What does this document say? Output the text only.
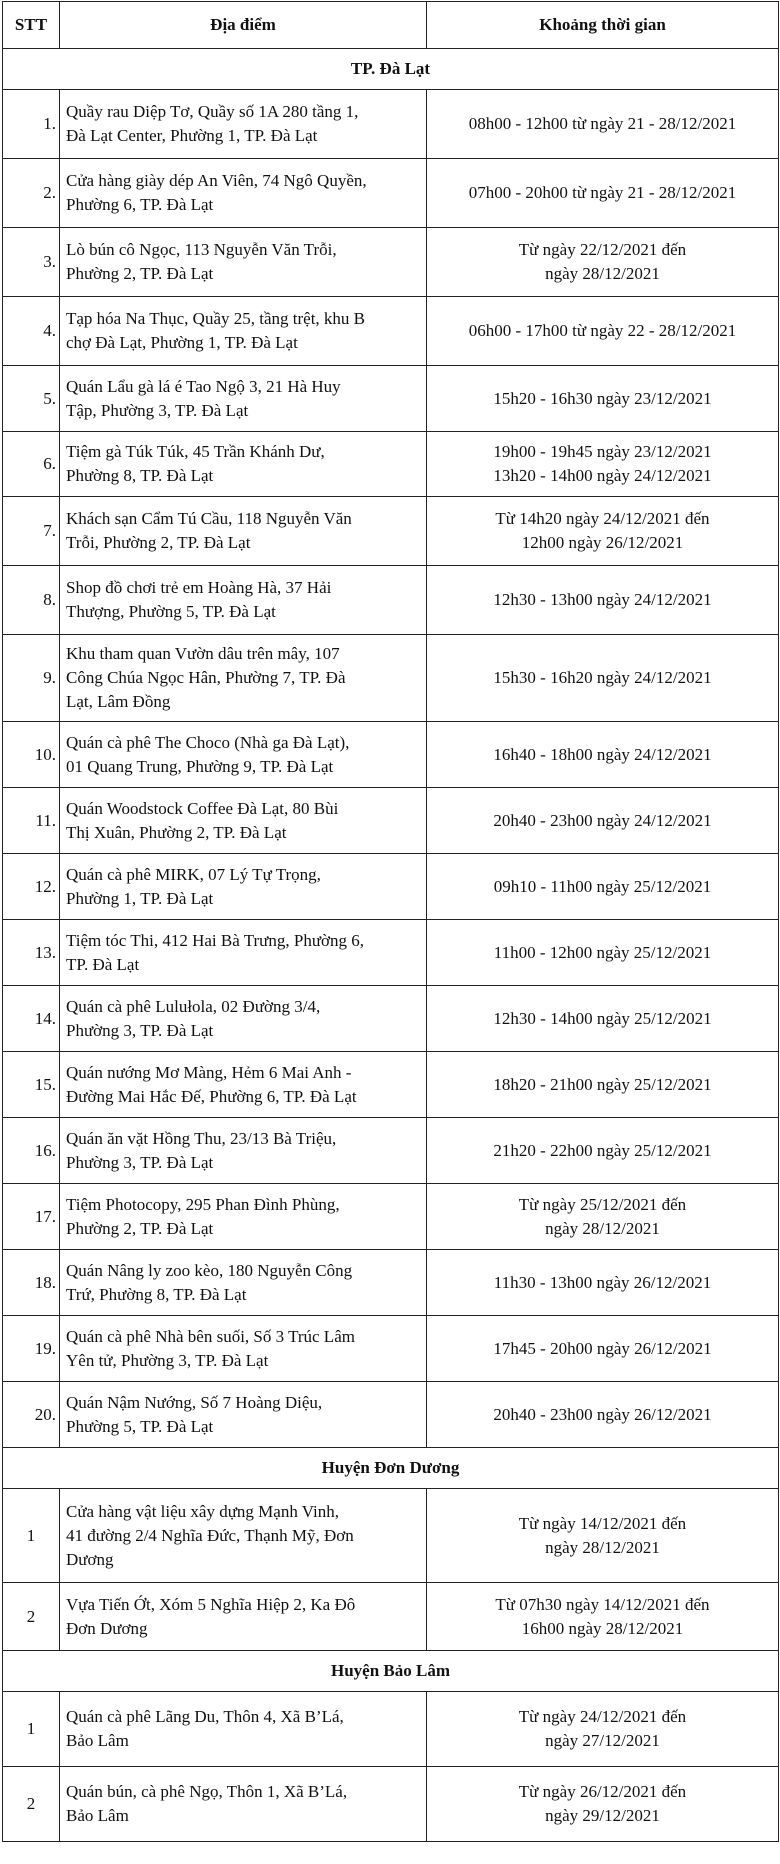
STT	Địa điểm	Khoảng thời gian
TP. Đà Lạt		
1.	Quầy rau Diệp Tơ, Quầy số 1A 280 tầng 1,
Đà Lạt Center, Phường 1, TP. Đà Lạt	08h00 - 12h00 từ ngày 21 - 28/12/2021

2.	Cửa hàng giày dép An Viên, 74 Ngô Quyền,
Phường 6, TP. Đà Lạt	07h00 - 20h00 từ ngày 21 - 28/12/2021

3.	Lò bún cô Ngọc, 113 Nguyễn Văn Trỗi,
Phường 2, TP. Đà Lạt	Từ ngày 22/12/2021 đến
ngày 28/12/2021

4.	Tạp hóa Na Thục, Quầy 25, tầng trệt, khu B
chợ Đà Lạt, Phường 1, TP. Đà Lạt	06h00 - 17h00 từ ngày 22 - 28/12/2021

5.	Quán Lẩu gà lá é Tao Ngộ 3, 21 Hà Huy
Tập, Phường 3, TP. Đà Lạt	15h20 - 16h30 ngày 23/12/2021

6.	Tiệm gà Túk Túk, 45 Trần Khánh Dư,
Phường 8, TP. Đà Lạt	19h00 - 19h45 ngày 23/12/2021
13h20 - 14h00 ngày 24/12/2021

7.	Khách sạn Cẩm Tú Cầu, 118 Nguyễn Văn
Trỗi, Phường 2, TP. Đà Lạt	Từ 14h20 ngày 24/12/2021 đến
12h00 ngày 26/12/2021

8.	Shop đồ chơi trẻ em Hoàng Hà, 37 Hải
Thượng, Phường 5, TP. Đà Lạt	12h30 - 13h00 ngày 24/12/2021

9.	Khu tham quan Vườn dâu trên mây, 107
Công Chúa Ngọc Hân, Phường 7, TP. Đà
Lạt, Lâm Đồng	15h30 - 16h20 ngày 24/12/2021

10.	Quán cà phê The Choco (Nhà ga Đà Lạt),
01 Quang Trung, Phường 9, TP. Đà Lạt	16h40 - 18h00 ngày 24/12/2021

11.	Quán Woodstock Coffee Đà Lạt, 80 Bùi
Thị Xuân, Phường 2, TP. Đà Lạt	20h40 - 23h00 ngày 24/12/2021

12.	Quán cà phê MIRK, 07 Lý Tự Trọng,
Phường 1, TP. Đà Lạt	09h10 - 11h00 ngày 25/12/2021

13.	Tiệm tóc Thi, 412 Hai Bà Trưng, Phường 6,
TP. Đà Lạt	11h00 - 12h00 ngày 25/12/2021

14.	Quán cà phê Lulułola, 02 Đường 3/4,
Phường 3, TP. Đà Lạt	12h30 - 14h00 ngày 25/12/2021

15.	Quán nướng Mơ Màng, Hẻm 6 Mai Anh -
Đường Mai Hắc Đế, Phường 6, TP. Đà Lạt	18h20 - 21h00 ngày 25/12/2021

16.	Quán ăn vặt Hồng Thu, 23/13 Bà Triệu,
Phường 3, TP. Đà Lạt	21h20 - 22h00 ngày 25/12/2021

17.	Tiệm Photocopy, 295 Phan Đình Phùng,
Phường 2, TP. Đà Lạt	Từ ngày 25/12/2021 đến
ngày 28/12/2021

18.	Quán Nâng ly zoo kèo, 180 Nguyễn Công
Trứ, Phường 8, TP. Đà Lạt	11h30 - 13h00 ngày 26/12/2021

19.	Quán cà phê Nhà bên suối, Số 3 Trúc Lâm
Yên tử, Phường 3, TP. Đà Lạt	17h45 - 20h00 ngày 26/12/2021

20.	Quán Nậm Nướng, Số 7 Hoàng Diệu,
Phường 5, TP. Đà Lạt	20h40 - 23h00 ngày 26/12/2021

Huyện Đơn Dương		
1	Cửa hàng vật liệu xây dựng Mạnh Vinh,
41 đường 2/4 Nghĩa Đức, Thạnh Mỹ, Đơn
Dương	Từ ngày 14/12/2021 đến
ngày 28/12/2021

2	Vựa Tiến Ớt, Xóm 5 Nghĩa Hiệp 2, Ka Đô
Đơn Dương	Từ 07h30 ngày 14/12/2021 đến
16h00 ngày 28/12/2021

Huyện Bảo Lâm		
1	Quán cà phê Lãng Du, Thôn 4, Xã B’Lá,
Bảo Lâm	Từ ngày 24/12/2021 đến
ngày 27/12/2021

2	Quán bún, cà phê Ngọ, Thôn 1, Xã B’Lá,
Bảo Lâm	Từ ngày 26/12/2021 đến
ngày 29/12/2021
